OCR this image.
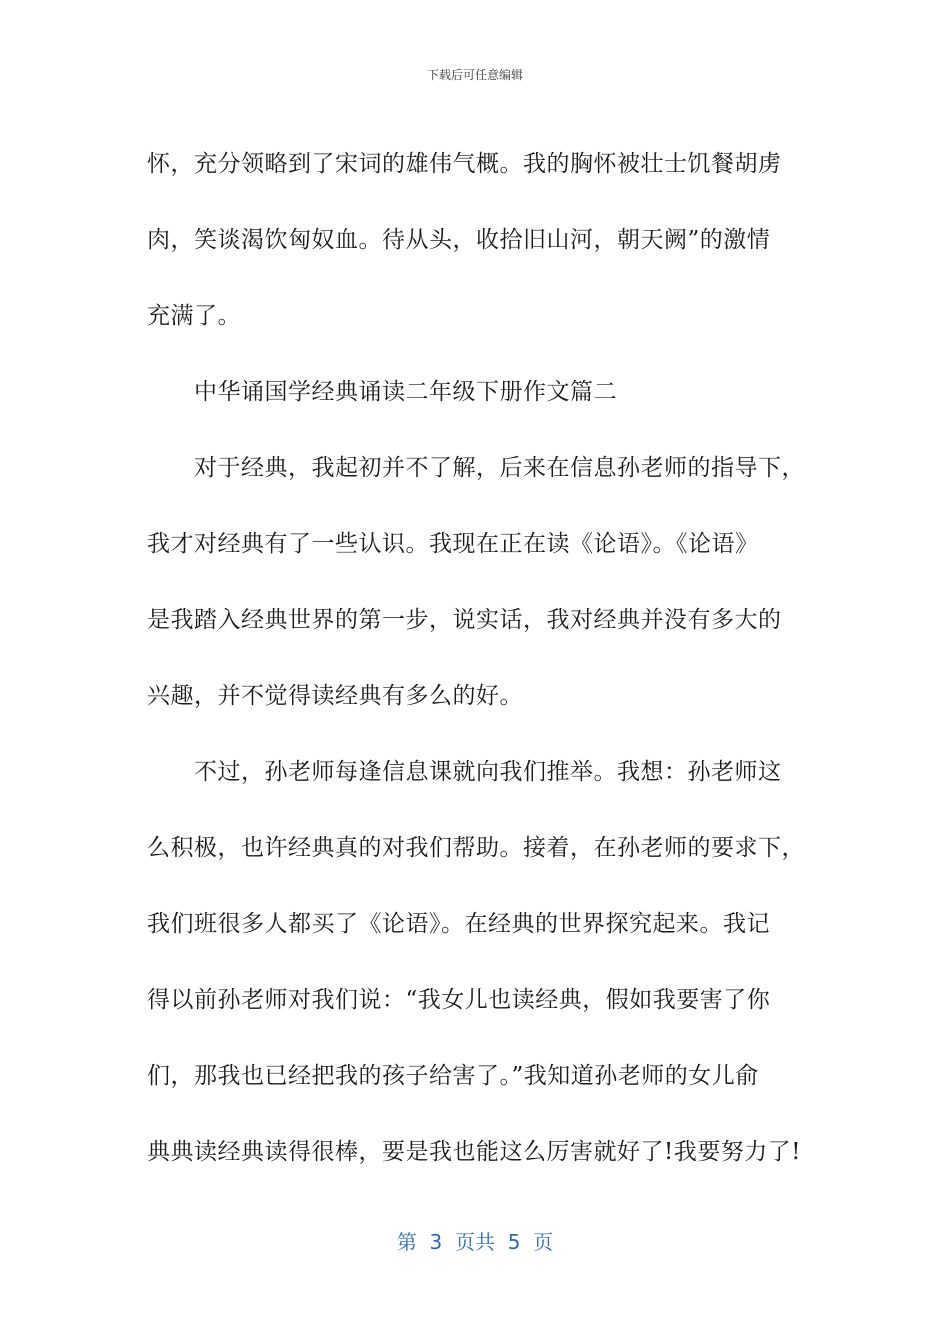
下载后可任意编辑
怀，充分领略到了宋词的雄伟气概。我的胸怀被壮士饥餐胡虏
肉，笑谈渴饮匈奴血。待从头，收拾旧山河，朝天阙”的激情
充满了。
中华诵国学经典诵读二年级下册作文篇二
对于经典，我起初并不了解，后来在信息孙老师的指导下，
我才对经典有了一些认识。我现在正在读《论语》。《论语》
是我踏入经典世界的第一步，说实话，我对经典并没有多大的
兴趣，并不觉得读经典有多么的好。
不过，孙老师每逢信息课就向我们推举。我想：孙老师这
么积极，也许经典真的对我们帮助。接着，在孙老师的要求下，
我们班很多人都买了《论语》。在经典的世界探究起来。我记
得以前孙老师对我们说：“我女儿也读经典，假如我要害了你
们，那我也已经把我的孩子给害了。”我知道孙老师的女儿俞
典典读经典读得很棒，要是我也能这么厉害就好了!我要努力了!
第  3  页共  5  页
